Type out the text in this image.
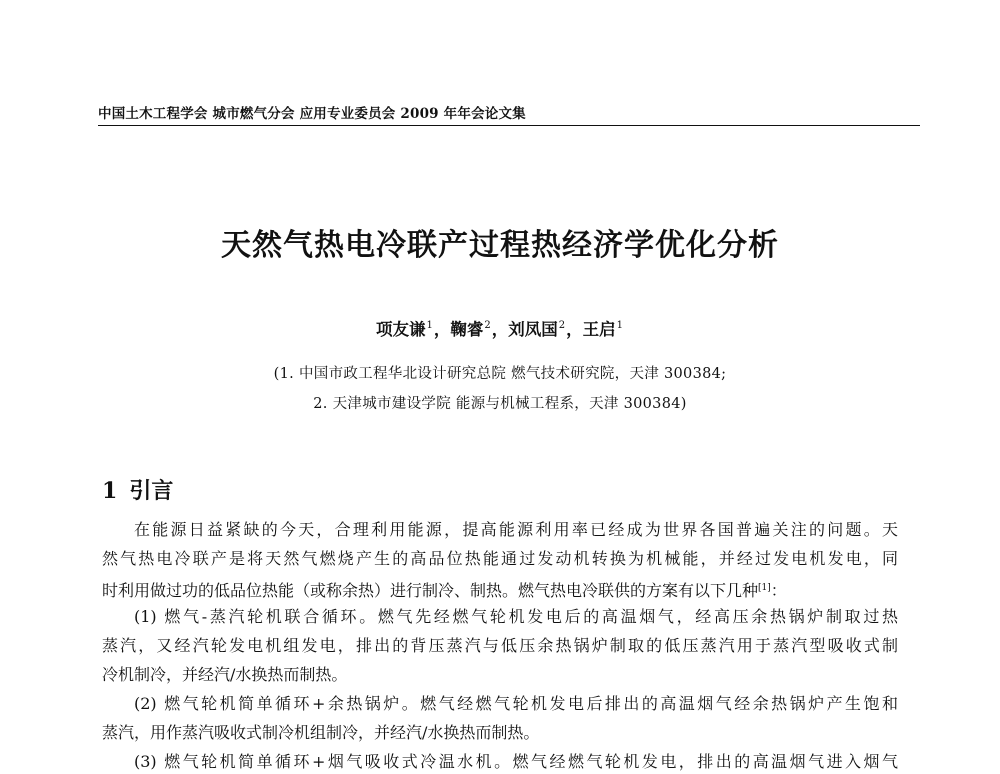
中国土木工程学会 城市燃气分会 应用专业委员会 2009 年年会论文集
天然气热电冷联产过程热经济学优化分析
项友谦$^1$，鞠睿$^2$，刘凤国$^2$，王启$^1$
(1. 中国市政工程华北设计研究总院 燃气技术研究院，天津 300384;
2. 天津城市建设学院 能源与机械工程系，天津 300384)
1 引言
在能源日益紧缺的今天，合理利用能源，提高能源利用率已经成为世界各国普遍关注的问题。天
然气热电冷联产是将天然气燃烧产生的高品位热能通过发动机转换为机械能，并经过发电机发电，同
时利用做过功的低品位热能（或称余热）进行制冷、制热。燃气热电冷联供的方案有以下几种[1]：
(1) 燃气-蒸汽轮机联合循环。燃气先经燃气轮机发电后的高温烟气，经高压余热锅炉制取过热
蒸汽，又经汽轮发电机组发电，排出的背压蒸汽与低压余热锅炉制取的低压蒸汽用于蒸汽型吸收式制
冷机制冷，并经汽/水换热而制热。
(2) 燃气轮机简单循环+余热锅炉。燃气经燃气轮机发电后排出的高温烟气经余热锅炉产生饱和
蒸汽，用作蒸汽吸收式制冷机组制冷，并经汽/水换热而制热。
(3) 燃气轮机简单循环+烟气吸收式冷温水机。燃气经燃气轮机发电，排出的高温烟气进入烟气
